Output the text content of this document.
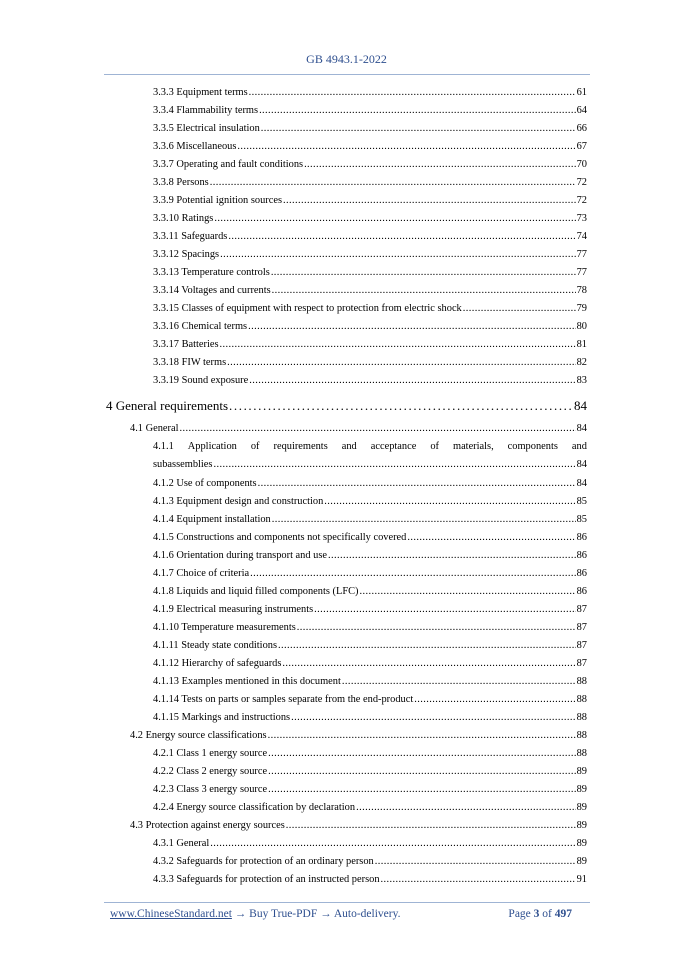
GB 4943.1-2022
3.3.3 Equipment terms .....	61
3.3.4 Flammability terms .....	64
3.3.5 Electrical insulation .....	66
3.3.6 Miscellaneous .....	67
3.3.7 Operating and fault conditions .....	70
3.3.8 Persons .....	72
3.3.9 Potential ignition sources .....	72
3.3.10 Ratings .....	73
3.3.11 Safeguards .....	74
3.3.12 Spacings .....	77
3.3.13 Temperature controls .....	77
3.3.14 Voltages and currents .....	78
3.3.15 Classes of equipment with respect to protection from electric shock .....	79
3.3.16 Chemical terms .....	80
3.3.17 Batteries .....	81
3.3.18 FIW terms .....	82
3.3.19 Sound exposure .....	83
4 General requirements .....	84
4.1 General .....	84
4.1.1 Application of requirements and acceptance of materials, components and
subassemblies .....	84
4.1.2 Use of components .....	84
4.1.3 Equipment design and construction .....	85
4.1.4 Equipment installation .....	85
4.1.5 Constructions and components not specifically covered .....	86
4.1.6 Orientation during transport and use .....	86
4.1.7 Choice of criteria .....	86
4.1.8 Liquids and liquid filled components (LFC) .....	86
4.1.9 Electrical measuring instruments .....	87
4.1.10 Temperature measurements .....	87
4.1.11 Steady state conditions .....	87
4.1.12 Hierarchy of safeguards .....	87
4.1.13 Examples mentioned in this document .....	88
4.1.14 Tests on parts or samples separate from the end-product .....	88
4.1.15 Markings and instructions .....	88
4.2 Energy source classifications .....	88
4.2.1 Class 1 energy source .....	88
4.2.2 Class 2 energy source .....	89
4.2.3 Class 3 energy source .....	89
4.2.4 Energy source classification by declaration .....	89
4.3 Protection against energy sources .....	89
4.3.1 General .....	89
4.3.2 Safeguards for protection of an ordinary person .....	89
4.3.3 Safeguards for protection of an instructed person .....	91
www.ChineseStandard.net → Buy True-PDF → Auto-delivery.	Page 3 of 497
